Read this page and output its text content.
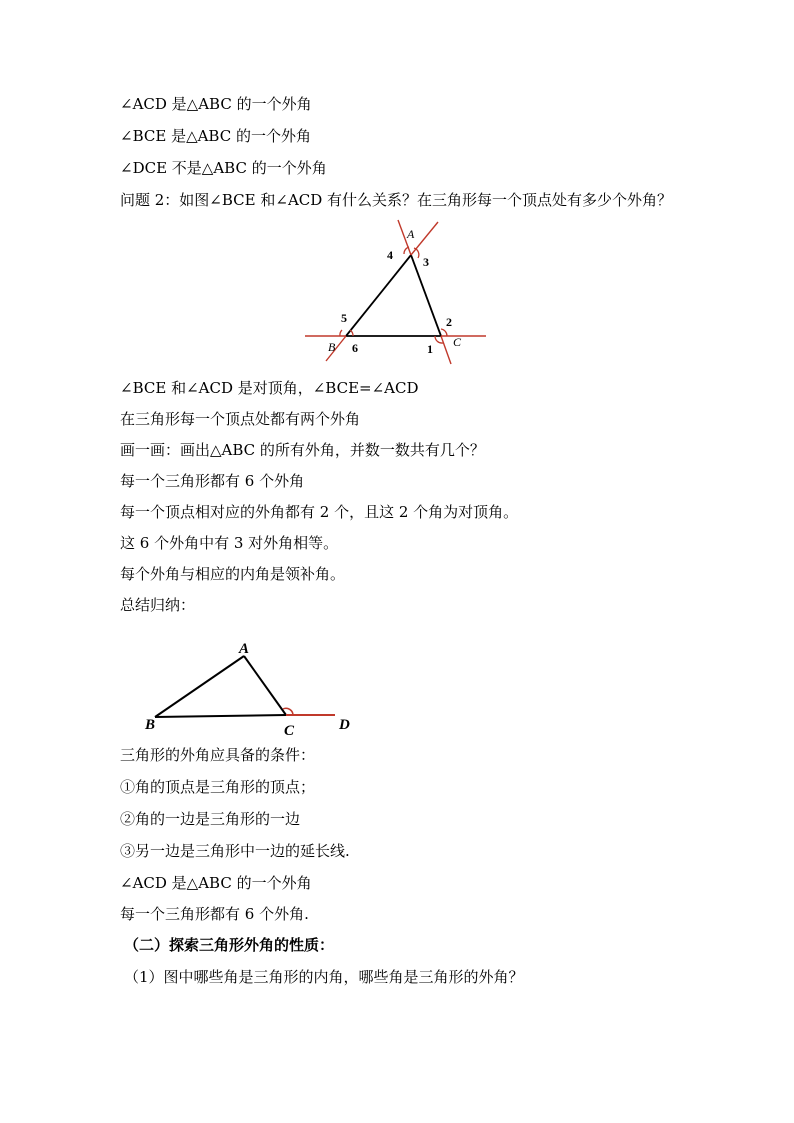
∠ACD 是△ABC 的一个外角
∠BCE 是△ABC 的一个外角
∠DCE 不是△ABC 的一个外角
问题 2：如图∠BCE 和∠ACD 有什么关系？在三角形每一个顶点处有多少个外角？
A
B	C
4	3
5
6
2
1
∠BCE 和∠ACD 是对顶角，∠BCE=∠ACD
在三角形每一个顶点处都有两个外角
画一画：画出△ABC 的所有外角，并数一数共有几个？
每一个三角形都有 6 个外角
每一个顶点相对应的外角都有 2 个，且这 2 个角为对顶角。
这 6 个外角中有 3 对外角相等。
每个外角与相应的内角是领补角。
总结归纳：
A
B	C	D
三角形的外角应具备的条件：
①角的顶点是三角形的顶点；
②角的一边是三角形的一边
③另一边是三角形中一边的延长线.
∠ACD 是△ABC 的一个外角
每一个三角形都有 6 个外角.
（二）探索三角形外角的性质：
（1）图中哪些角是三角形的内角，哪些角是三角形的外角？
